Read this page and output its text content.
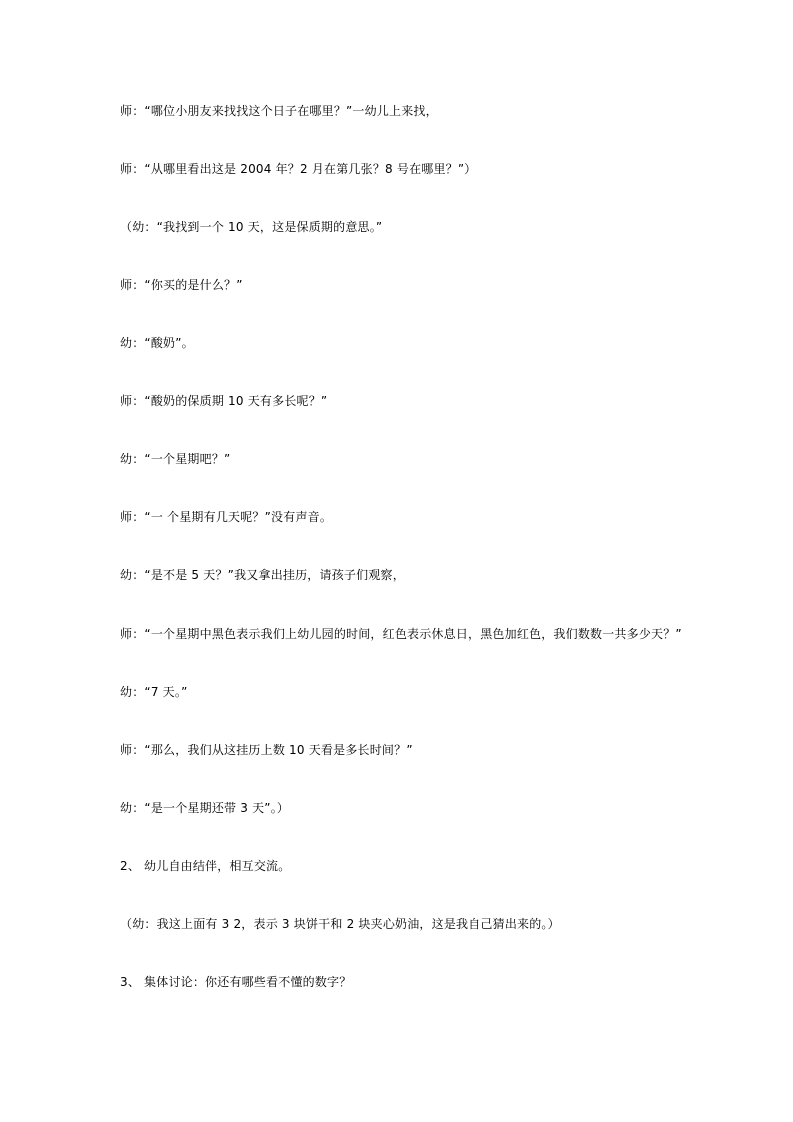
师：“哪位小朋友来找找这个日子在哪里？”一幼儿上来找，

师：“从哪里看出这是 2004 年？2 月在第几张？8 号在哪里？”）

（幼：“我找到一个 10 天，这是保质期的意思。”

师：“你买的是什么？”

幼：“酸奶”。

师：“酸奶的保质期 10 天有多长呢？”

幼：“一个星期吧？”

师：“一 个星期有几天呢？”没有声音。

幼：“是不是 5 天？”我又拿出挂历，请孩子们观察，

师：“一个星期中黑色表示我们上幼儿园的时间，红色表示休息日，黑色加红色，我们数数一共多少天？”

幼：“7 天。”

师：“那么，我们从这挂历上数 10 天看是多长时间？”

幼：“是一个星期还带 3 天”。）

2、 幼儿自由结伴，相互交流。

（幼：我这上面有 3 2，表示 3 块饼干和 2 块夹心奶油，这是我自己猜出来的。）

3、 集体讨论：你还有哪些看不懂的数字？
